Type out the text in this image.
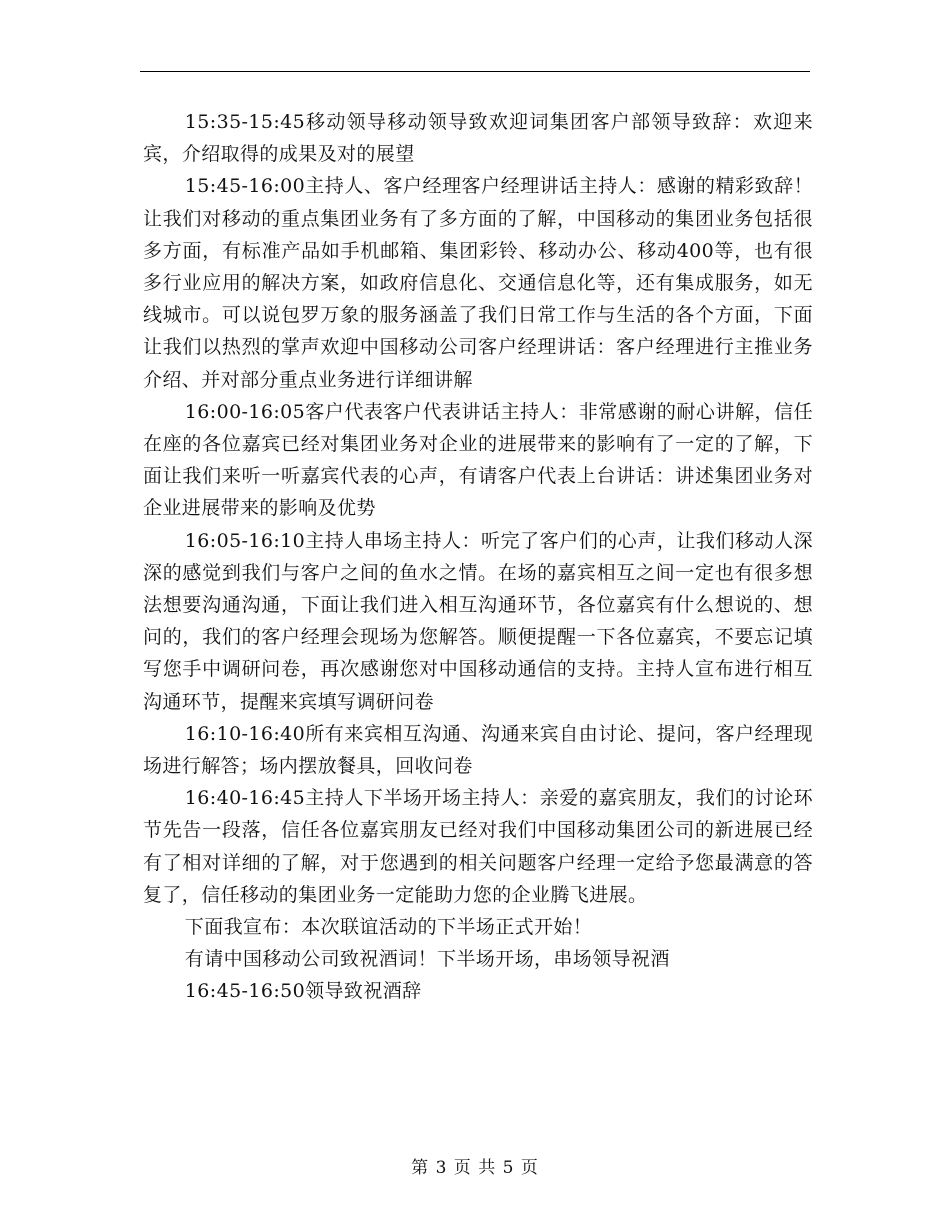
15:35-15:45移动领导移动领导致欢迎词集团客户部领导致辞：欢迎来宾，介绍取得的成果及对的展望

15:45-16:00主持人、客户经理客户经理讲话主持人：感谢的精彩致辞！让我们对移动的重点集团业务有了多方面的了解，中国移动的集团业务包括很多方面，有标准产品如手机邮箱、集团彩铃、移动办公、移动400等，也有很多行业应用的解决方案，如政府信息化、交通信息化等，还有集成服务，如无线城市。可以说包罗万象的服务涵盖了我们日常工作与生活的各个方面，下面让我们以热烈的掌声欢迎中国移动公司客户经理讲话：客户经理进行主推业务介绍、并对部分重点业务进行详细讲解

16:00-16:05客户代表客户代表讲话主持人：非常感谢的耐心讲解，信任在座的各位嘉宾已经对集团业务对企业的进展带来的影响有了一定的了解，下面让我们来听一听嘉宾代表的心声，有请客户代表上台讲话：讲述集团业务对企业进展带来的影响及优势

16:05-16:10主持人串场主持人：听完了客户们的心声，让我们移动人深深的感觉到我们与客户之间的鱼水之情。在场的嘉宾相互之间一定也有很多想法想要沟通沟通，下面让我们进入相互沟通环节，各位嘉宾有什么想说的、想问的，我们的客户经理会现场为您解答。顺便提醒一下各位嘉宾，不要忘记填写您手中调研问卷，再次感谢您对中国移动通信的支持。主持人宣布进行相互沟通环节，提醒来宾填写调研问卷

16:10-16:40所有来宾相互沟通、沟通来宾自由讨论、提问，客户经理现场进行解答；场内摆放餐具，回收问卷

16:40-16:45主持人下半场开场主持人：亲爱的嘉宾朋友，我们的讨论环节先告一段落，信任各位嘉宾朋友已经对我们中国移动集团公司的新进展已经有了相对详细的了解，对于您遇到的相关问题客户经理一定给予您最满意的答复了，信任移动的集团业务一定能助力您的企业腾飞进展。

下面我宣布：本次联谊活动的下半场正式开始！

有请中国移动公司致祝酒词！下半场开场，串场领导祝酒

16:45-16:50领导致祝酒辞

第 3 页 共 5 页
